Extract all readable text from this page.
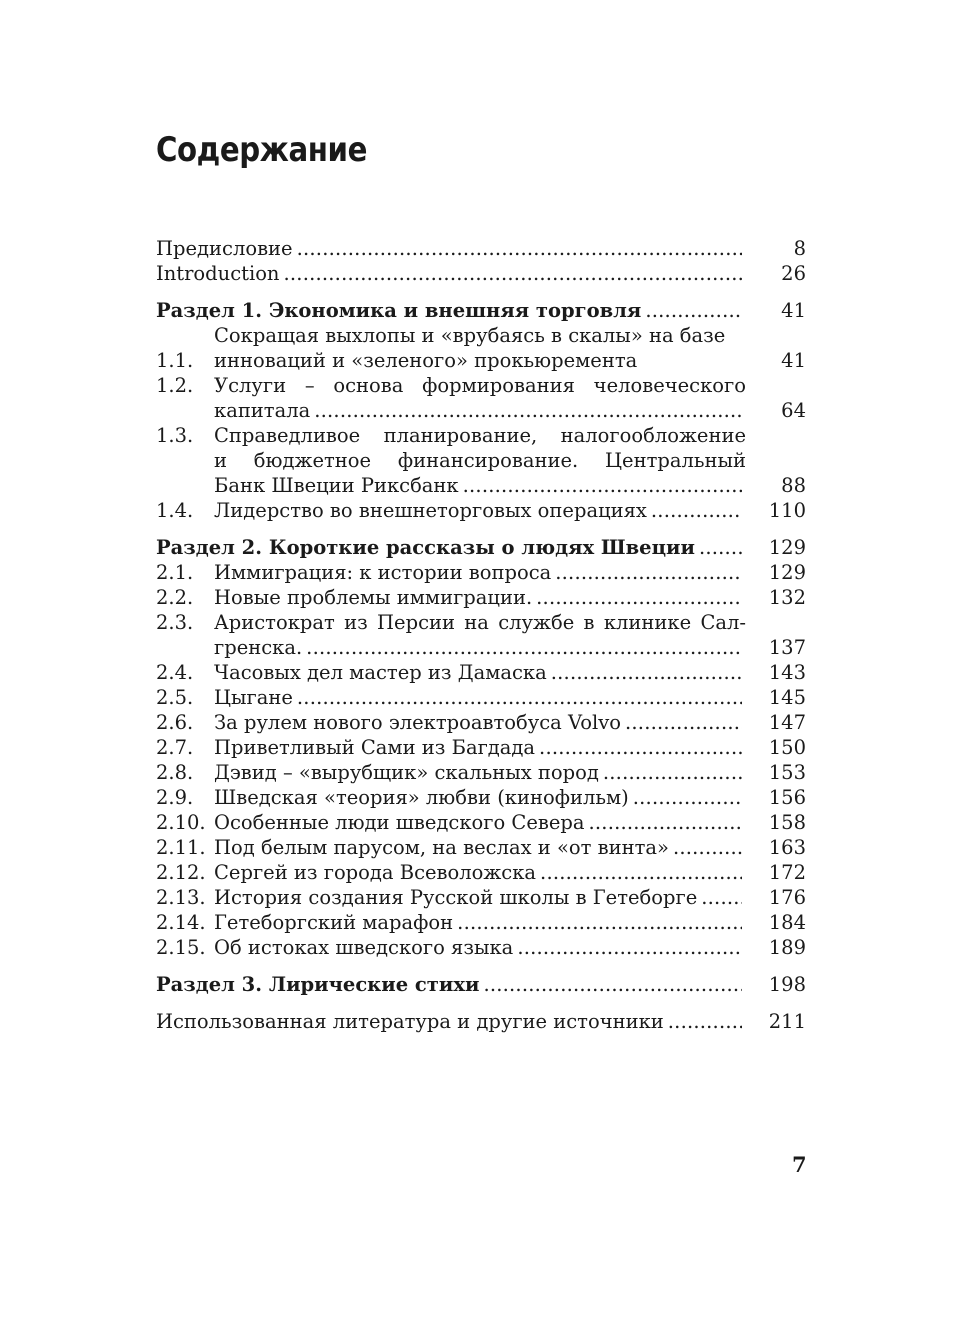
Содержание
Предисловие . . .	8
Introduction . . .	26
Раздел 1. Экономика и внешняя торговля . . .	41
1.1.
Сокращая выхлопы и «врубаясь в скалы» на базе
инноваций и «зеленого» прокьюремента	41
1.2.	Услуги – основа формирования человеческого
капитала . . .	64
1.3.	Справедливое планирование, налогообложение
и бюджетное финансирование. Центральный
Банк Швеции Риксбанк . . .	88
1.4.	Лидерство во внешнеторговых операциях . . .	110
Раздел 2. Короткие рассказы о людях Швеции . . .	129
2.1.	Иммиграция: к истории вопроса . . .	129
2.2.	Новые проблемы иммиграции. . . .	132
2.3.	Аристократ из Персии на службе в клинике Сал-
гренска. . . .	137
2.4.	Часовых дел мастер из Дамаска . . .	143
2.5.	Цыгане . . .	145
2.6.	За рулем нового электроавтобуса Volvo . . .	147
2.7.	Приветливый Сами из Багдада . . .	150
2.8.	Дэвид – «вырубщик» скальных пород . . .	153
2.9.	Шведская «теория» любви (кинофильм) . . .	156
2.10. Особенные люди шведского Севера . . .	158
2.11. Под белым парусом, на веслах и «от винта» . . .	163
2.12. Сергей из города Всеволожска . . .	172
2.13. История создания Русской школы в Гетеборге . . .	176
2.14. Гетеборгский марафон . . .	184
2.15. Об истоках шведского языка . . .	189
Раздел 3. Лирические стихи . . .	198
Использованная литература и другие источники . . .	211
7
